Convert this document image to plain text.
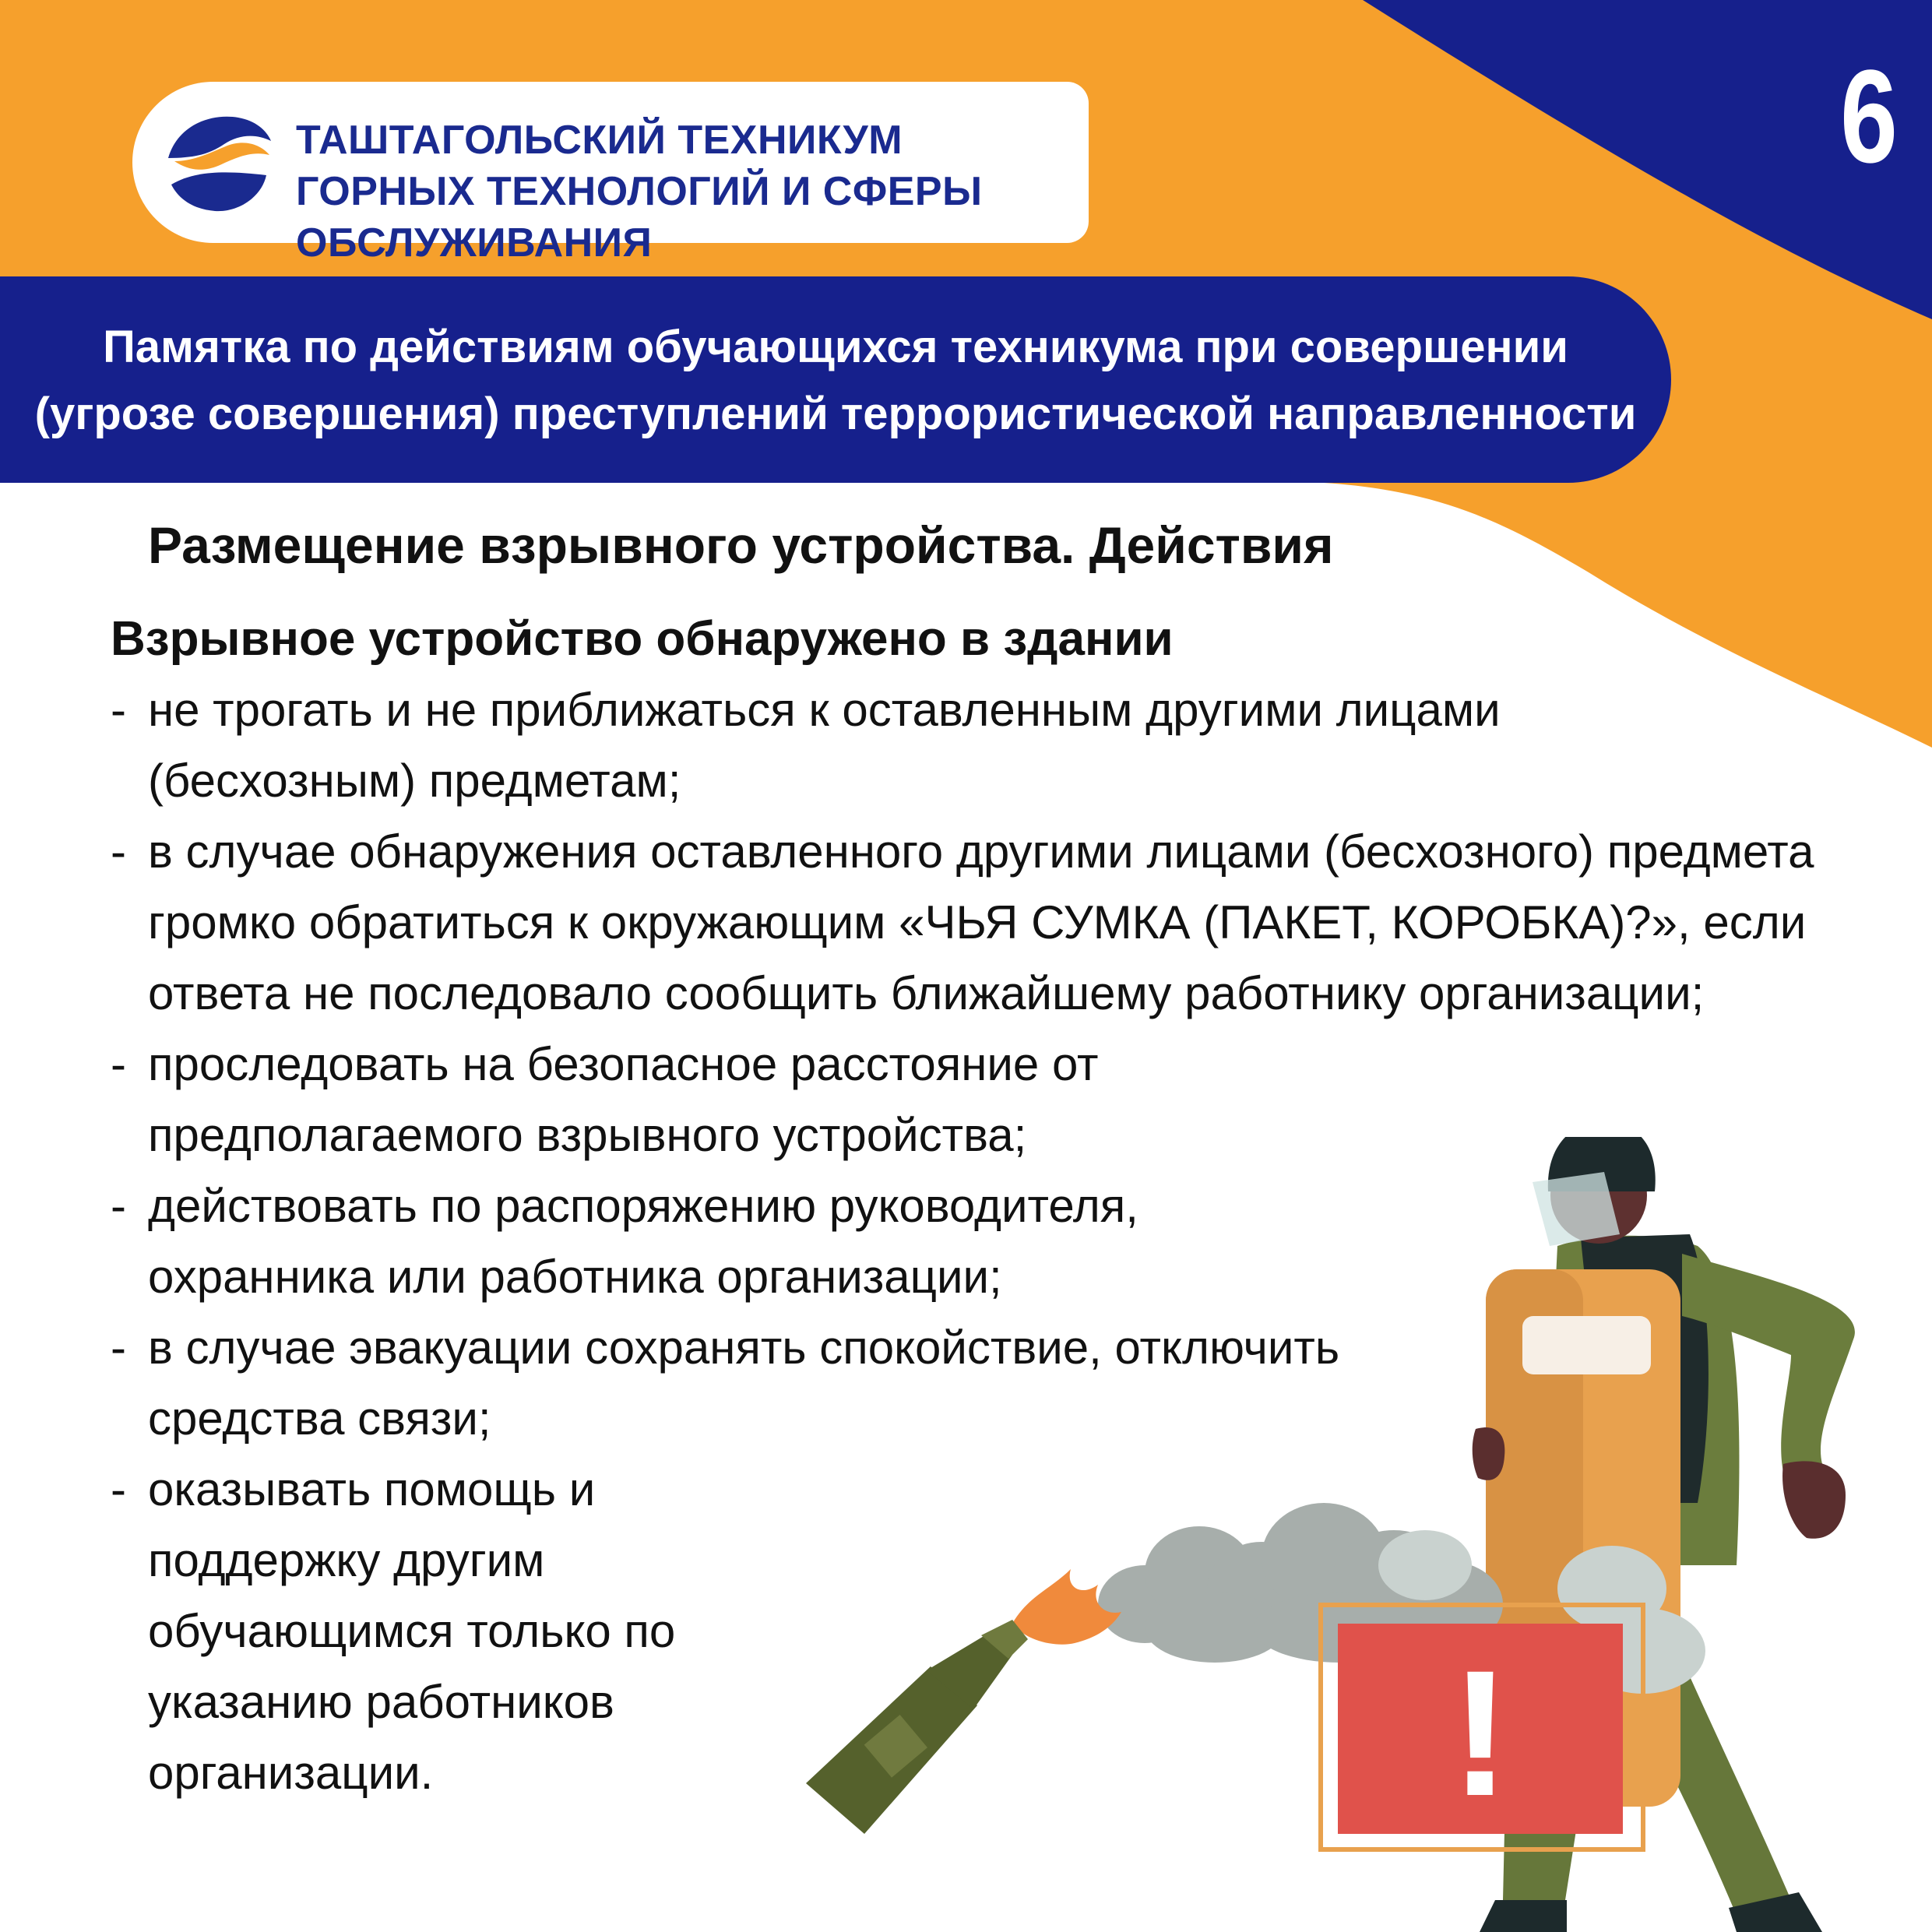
6
ТАШТАГОЛЬСКИЙ ТЕХНИКУМ ГОРНЫХ ТЕХНОЛОГИЙ И СФЕРЫ ОБСЛУЖИВАНИЯ
Памятка по действиям обучающихся техникума при совершении
(угрозе совершения) преступлений террористической направленности
Размещение взрывного устройства. Действия
Взрывное устройство обнаружено в здании
- не трогать и не приближаться к оставленным другими лицами (бесхозным) предметам;
- в случае обнаружения оставленного другими лицами (бесхозного) предмета громко обратиться к окружающим «ЧЬЯ СУМКА (ПАКЕТ, КОРОБКА)?», если ответа не последовало сообщить ближайшему работнику организации;
- проследовать на безопасное расстояние от предполагаемого взрывного устройства;
- действовать по распоряжению руководителя, охранника или работника организации;
- в случае эвакуации сохранять спокойствие, отключить средства связи;
- оказывать помощь и поддержку другим обучающимся только по указанию работников организации.	!
